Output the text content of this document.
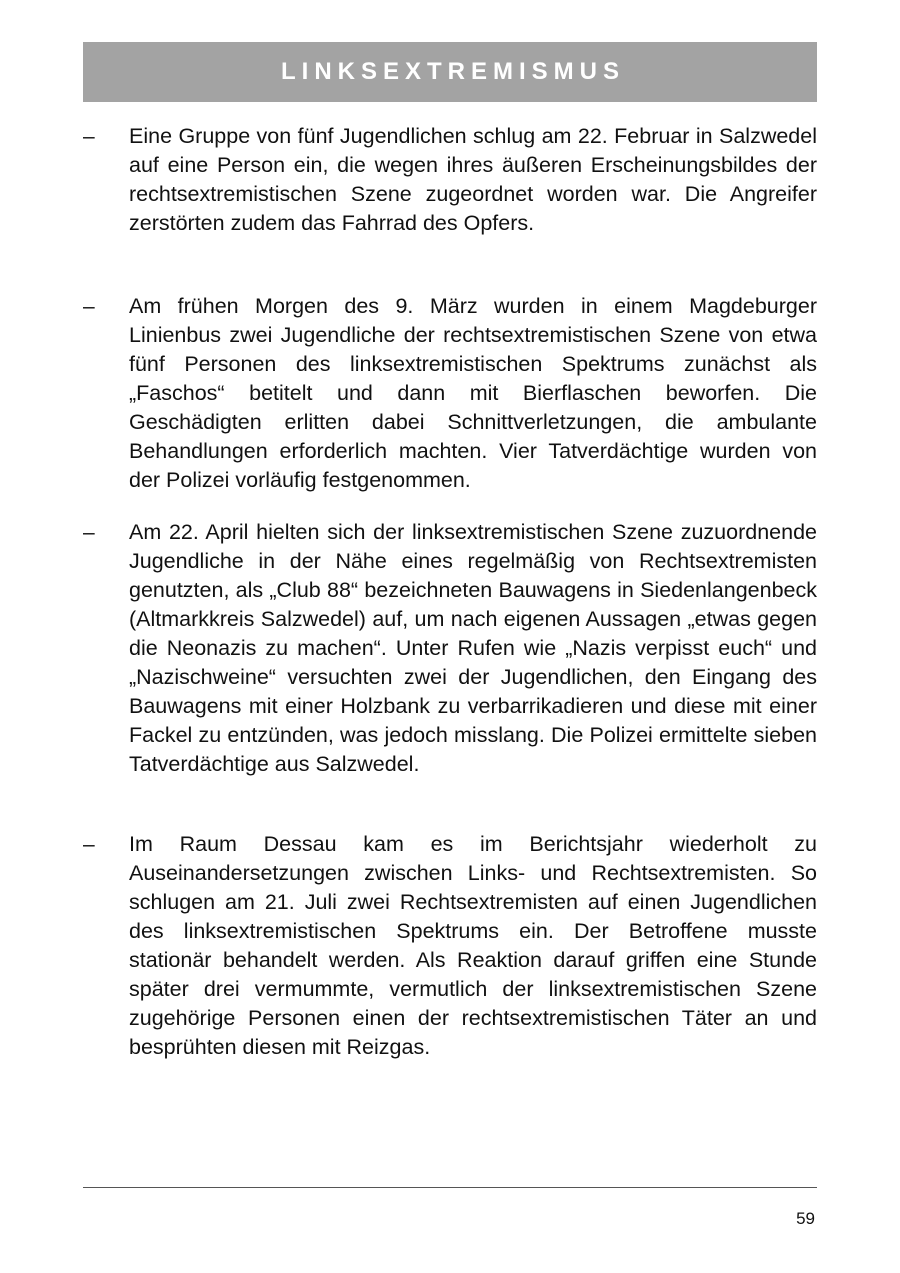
LINKSEXTREMISMUS
–	Eine Gruppe von fünf Jugendlichen schlug am 22. Februar in Salzwedel auf eine Person ein, die wegen ihres äußeren Erscheinungsbildes der rechtsextremistischen Szene zugeordnet worden war. Die Angreifer zerstörten zudem das Fahrrad des Opfers.
–	Am frühen Morgen des 9. März wurden in einem Magdeburger Linienbus zwei Jugendliche der rechtsextremistischen Szene von etwa fünf Personen des linksextremistischen Spektrums zunächst als „Faschos“ betitelt und dann mit Bierflaschen beworfen. Die Geschädigten erlitten dabei Schnittverletzungen, die ambulante Behandlungen erforderlich machten. Vier Tatverdächtige wurden von der Polizei vorläufig festgenommen.
–	Am 22. April hielten sich der linksextremistischen Szene zuzuordnende Jugendliche in der Nähe eines regelmäßig von Rechtsextremisten genutzten, als „Club 88“ bezeichneten Bauwagens in Siedenlangenbeck (Altmarkkreis Salzwedel) auf, um nach eigenen Aussagen „etwas gegen die Neonazis zu machen“. Unter Rufen wie „Nazis verpisst euch“ und „Nazischweine“ versuchten zwei der Jugendlichen, den Eingang des Bauwagens mit einer Holzbank zu verbarrikadieren und diese mit einer Fackel zu entzünden, was jedoch misslang. Die Polizei ermittelte sieben Tatverdächtige aus Salzwedel.
–	Im Raum Dessau kam es im Berichtsjahr wiederholt zu Auseinandersetzungen zwischen Links- und Rechtsextremisten. So schlugen am 21. Juli zwei Rechtsextremisten auf einen Jugendlichen des linksextremistischen Spektrums ein. Der Betroffene musste stationär behandelt werden. Als Reaktion darauf griffen eine Stunde später drei vermummte, vermutlich der linksextremistischen Szene zugehörige Personen einen der rechtsextremistischen Täter an und besprühten diesen mit Reizgas.
59
